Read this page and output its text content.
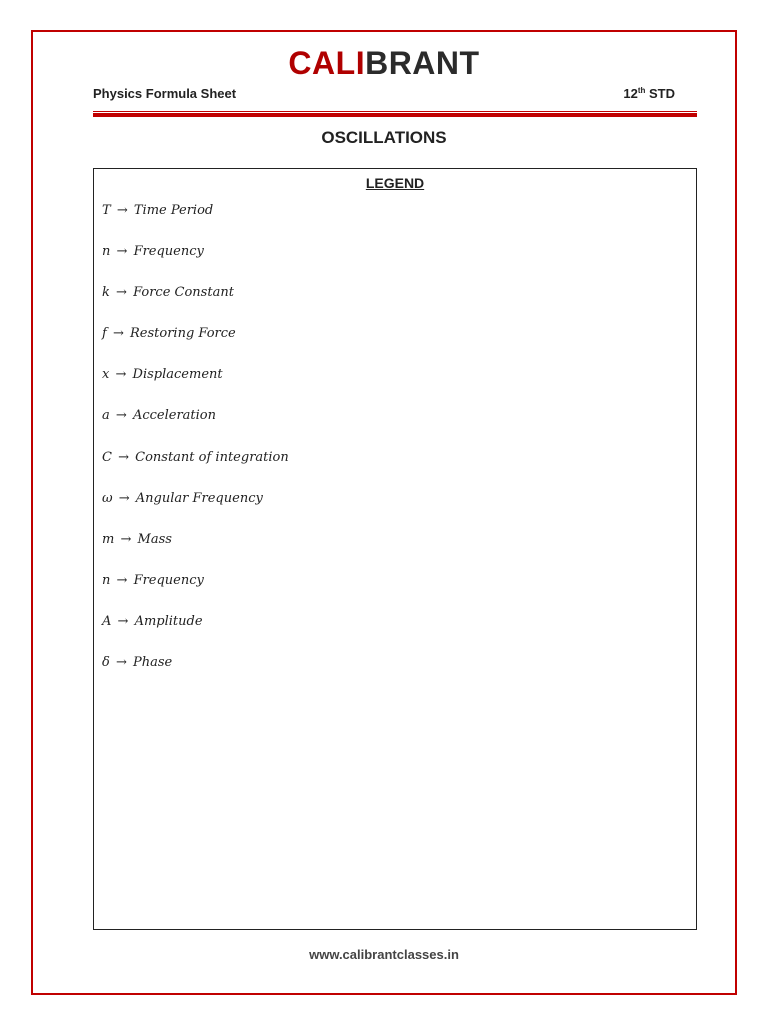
CALIBRANT
Physics Formula Sheet	12th STD
OSCILLATIONS
LEGEND
T → Time Period
n → Frequency
k → Force Constant
f → Restoring Force
x → Displacement
a → Acceleration
C → Constant of integration
ω → Angular Frequency
m → Mass
n → Frequency
A → Amplitude
δ → Phase
www.calibrantclasses.in
